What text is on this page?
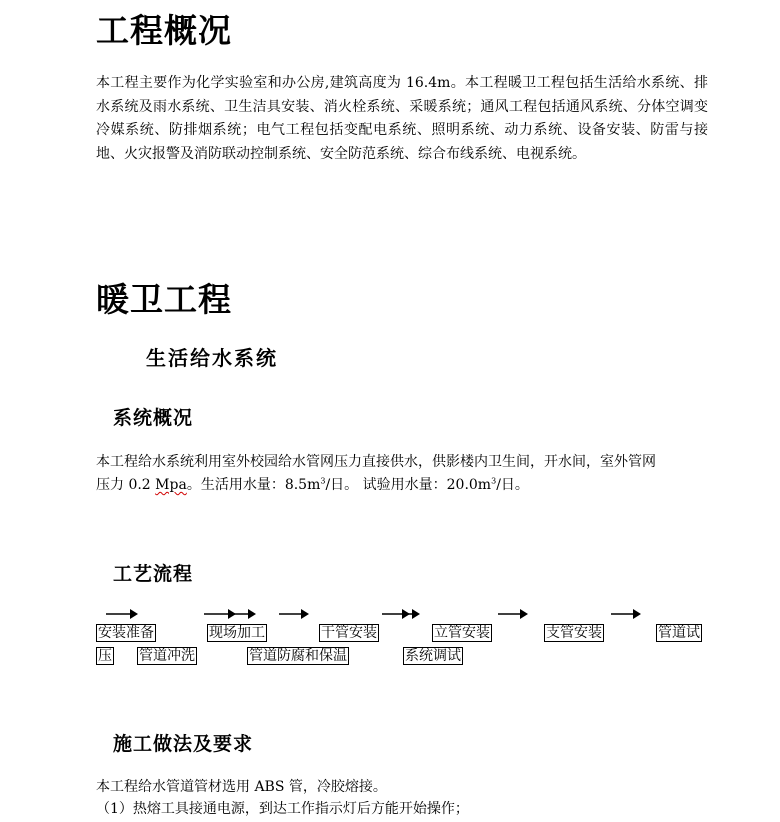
工程概况

本工程主要作为化学实验室和办公房,建筑高度为 16.4m。本工程暖卫工程包括生活给水系统、排水系统及雨水系统、卫生洁具安装、消火栓系统、采暖系统；通风工程包括通风系统、分体空调变冷媒系统、防排烟系统；电气工程包括变配电系统、照明系统、动力系统、设备安装、防雷与接地、火灾报警及消防联动控制系统、安全防范系统、综合布线系统、电视系统。

暖卫工程
生活给水系统
系统概况

本工程给水系统利用室外校园给水管网压力直接供水，供影楼内卫生间，开水间，室外管网

压力 0.2 Mpa。生活用水量：$8.5m^3/$日。 试验用水量：$20.0m^3/$日。

工艺流程
安装准备	现场加工	干管安装	立管安装	支管安装	管道试
压 管道冲洗	管道防腐和保温	系统调试
施工做法及要求

本工程给水管道管材选用 ABS 管，冷胶熔接。

（1）热熔工具接通电源，到达工作指示灯后方能开始操作；
